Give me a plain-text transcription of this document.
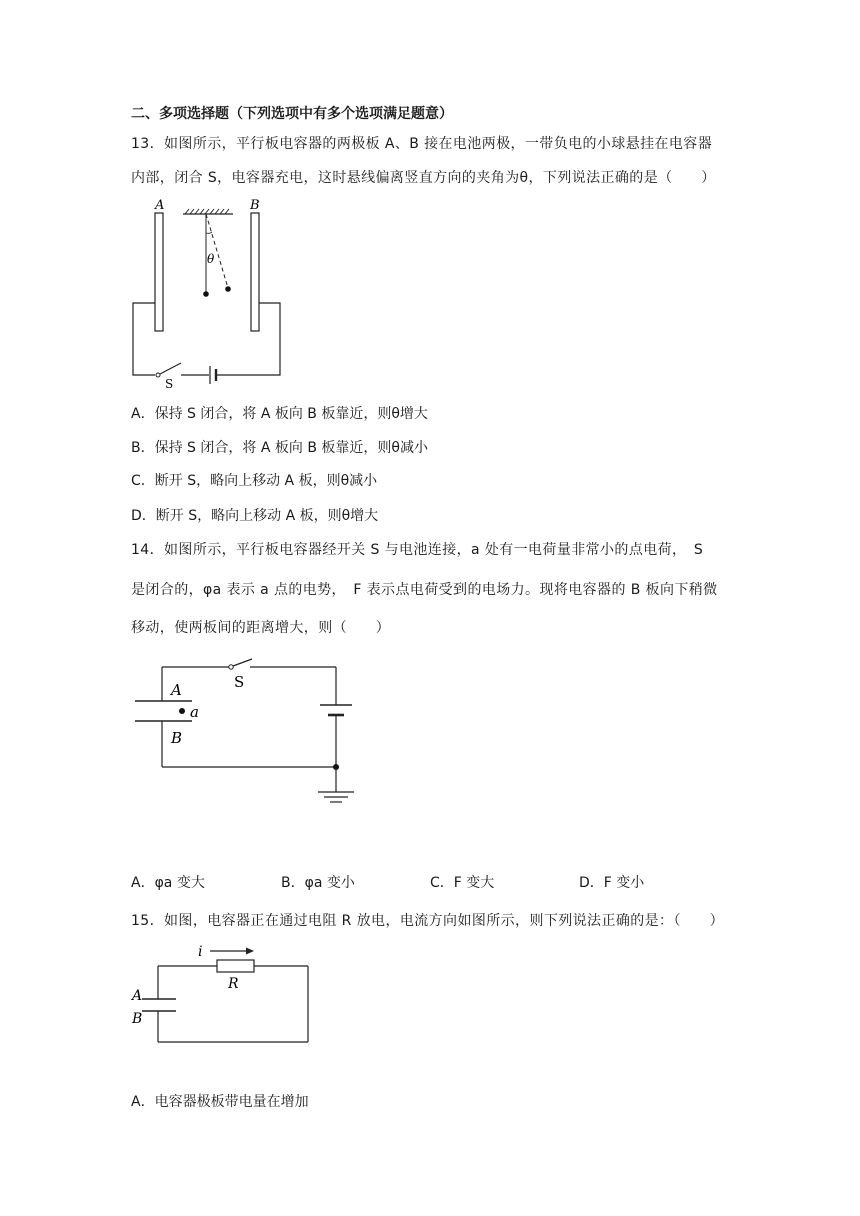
二、多项选择题（下列选项中有多个选项满足题意）
13．如图所示，平行板电容器的两极板 A、B 接在电池两极，一带负电的小球悬挂在电容器
内部，闭合 S，电容器充电，这时悬线偏离竖直方向的夹角为θ，下列说法正确的是（　　）
A	B
θ
S
A．保持 S 闭合，将 A 板向 B 板靠近，则θ增大
B．保持 S 闭合，将 A 板向 B 板靠近，则θ减小
C．断开 S，略向上移动 A 板，则θ减小
D．断开 S，略向上移动 A 板，则θ增大
14．如图所示，平行板电容器经开关 S 与电池连接，a 处有一电荷量非常小的点电荷，　S
是闭合的，φa 表示 a 点的电势，　F 表示点电荷受到的电场力。现将电容器的 B 板向下稍微
移动，使两板间的距离增大，则（　　）
S
A
B
a
A．φa 变大	B．φa 变小	C．F 变大	D．F 变小
15．如图，电容器正在通过电阻 R 放电，电流方向如图所示，则下列说法正确的是：（　　）
i
R
A
B
A．电容器极板带电量在增加
